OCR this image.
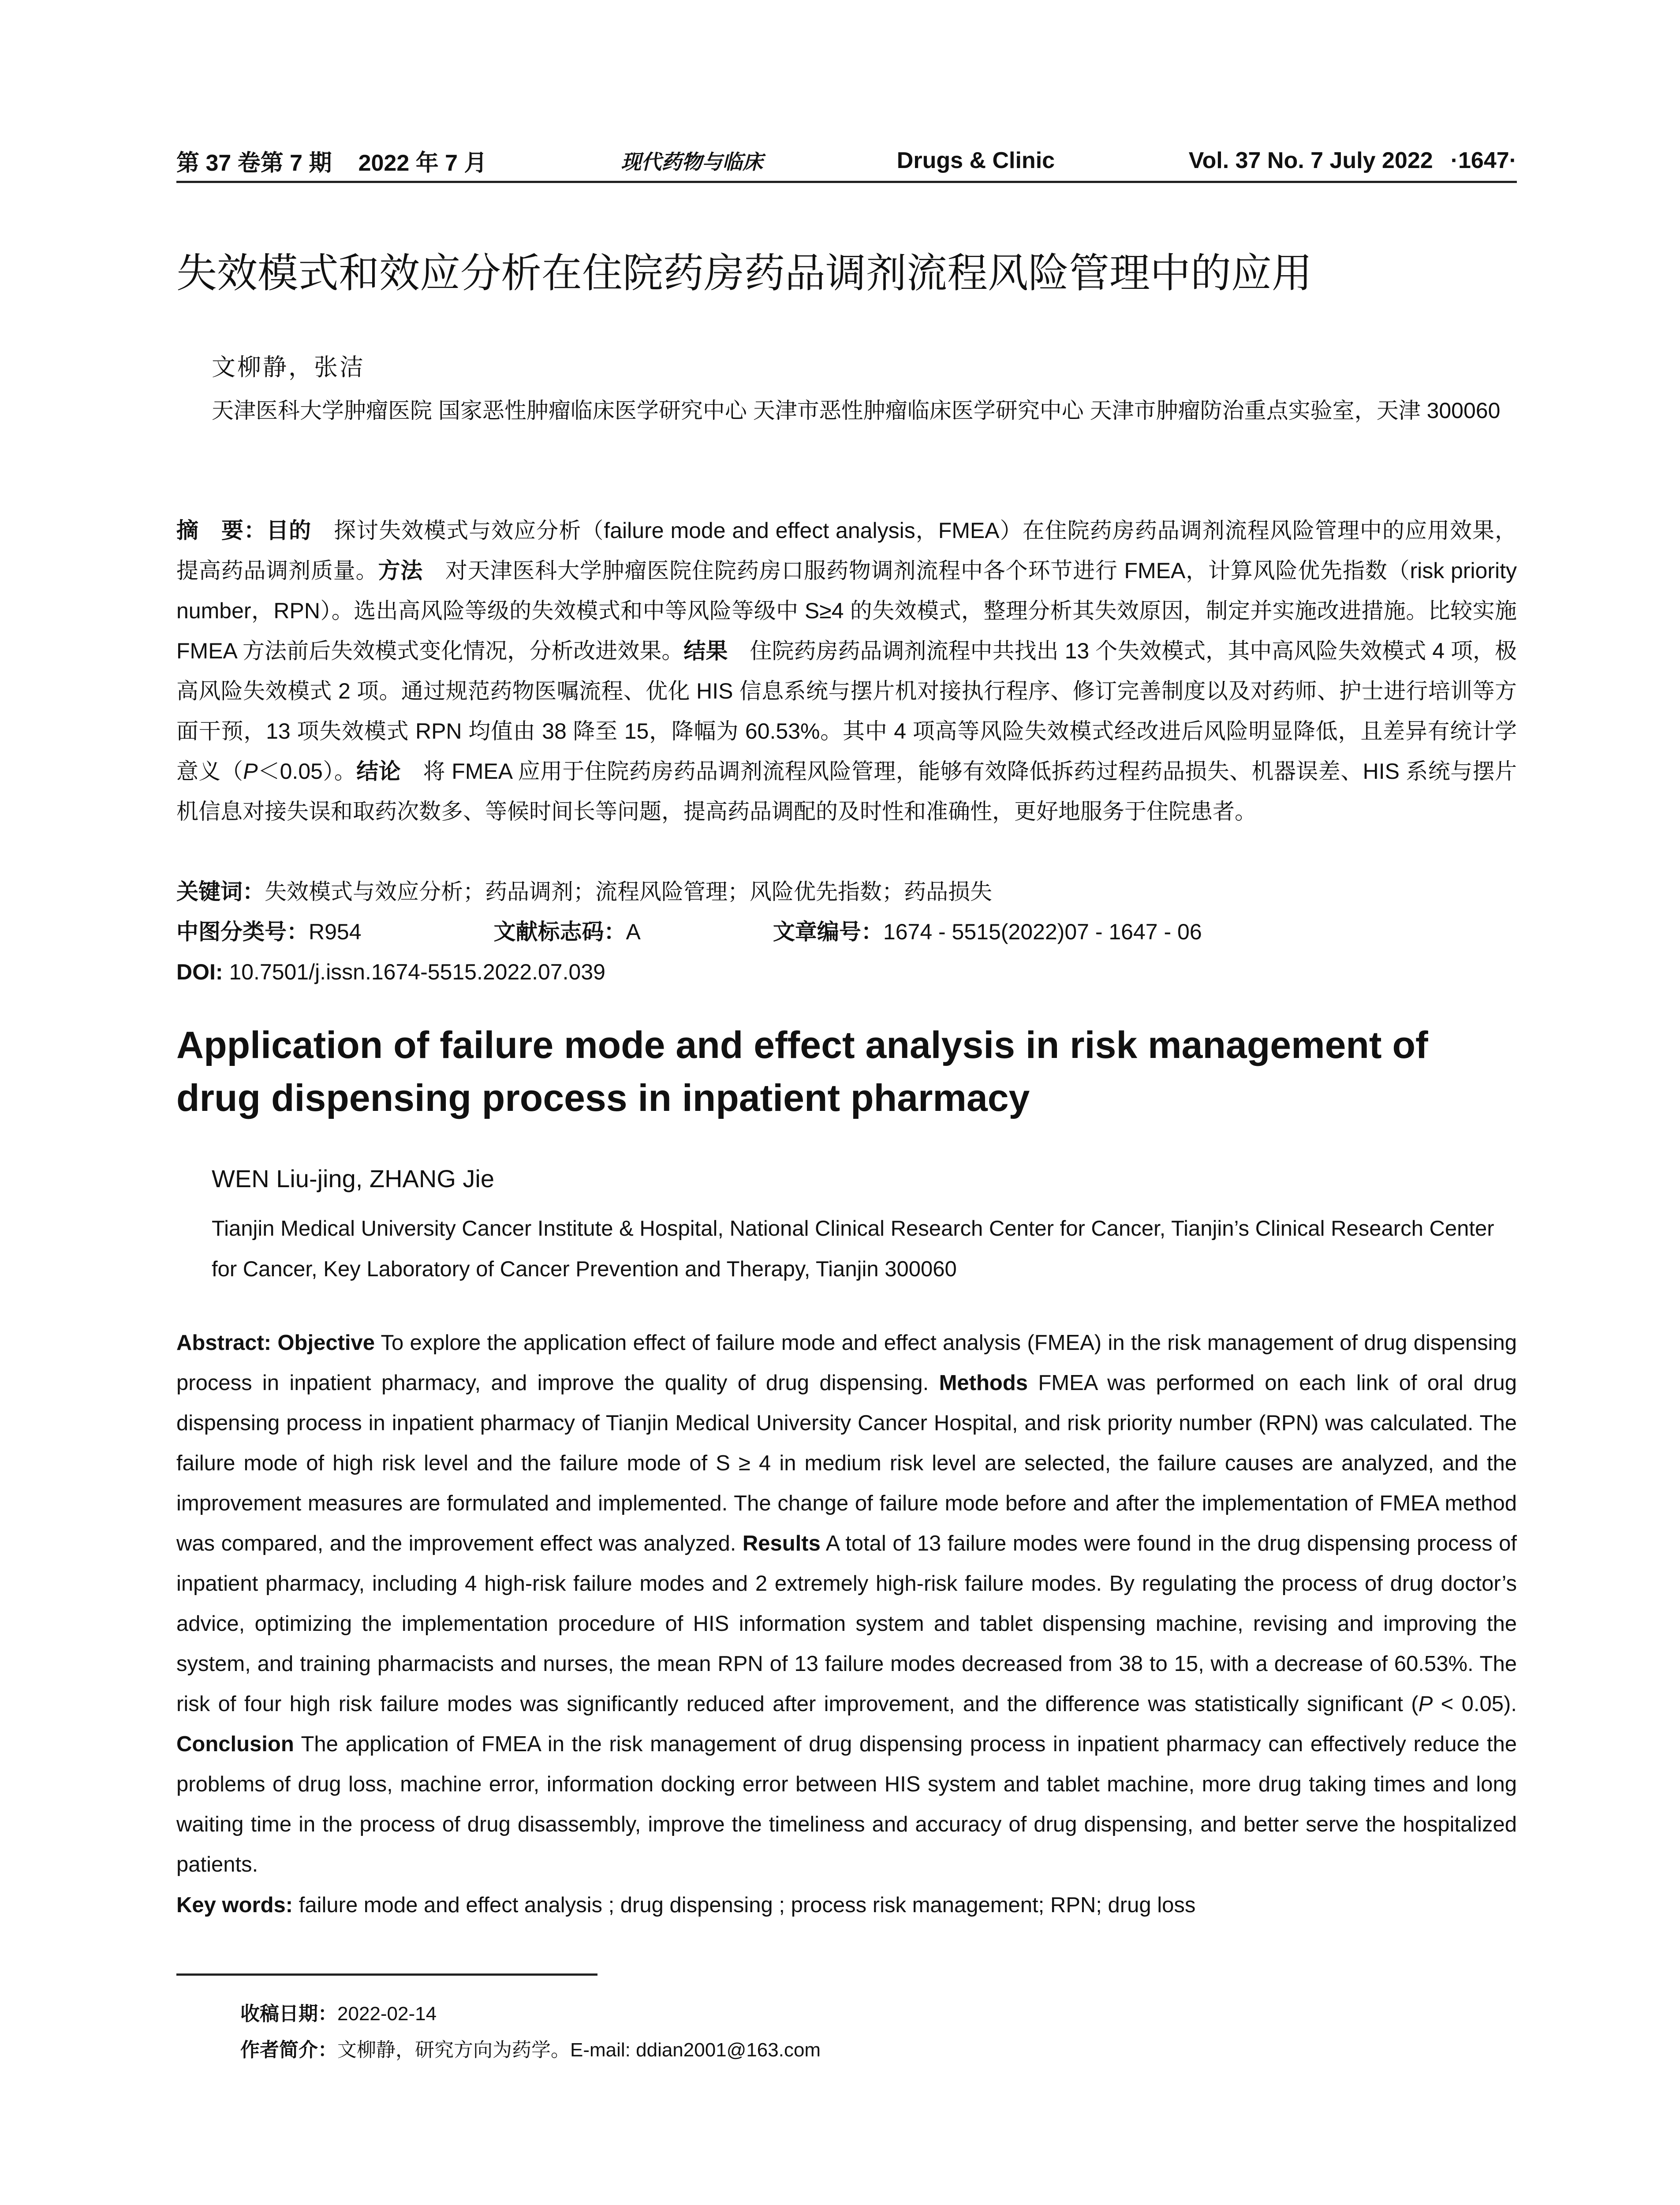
第 37 卷第 7 期 2022 年 7 月	现代药物与临床	Drugs & Clinic	Vol. 37 No. 7 July 2022 ·1647·
失效模式和效应分析在住院药房药品调剂流程风险管理中的应用
文柳静，张洁
天津医科大学肿瘤医院 国家恶性肿瘤临床医学研究中心 天津市恶性肿瘤临床医学研究中心 天津市肿瘤防治重点实验室，天津 300060
摘　要：目的　探讨失效模式与效应分析（failure mode and effect analysis，FMEA）在住院药房药品调剂流程风险管理中的应用效果，提高药品调剂质量。方法　对天津医科大学肿瘤医院住院药房口服药物调剂流程中各个环节进行 FMEA，计算风险优先指数（risk priority number，RPN）。选出高风险等级的失效模式和中等风险等级中 S≥4 的失效模式，整理分析其失效原因，制定并实施改进措施。比较实施 FMEA 方法前后失效模式变化情况，分析改进效果。结果　住院药房药品调剂流程中共找出 13 个失效模式，其中高风险失效模式 4 项，极高风险失效模式 2 项。通过规范药物医嘱流程、优化 HIS 信息系统与摆片机对接执行程序、修订完善制度以及对药师、护士进行培训等方面干预，13 项失效模式 RPN 均值由 38 降至 15，降幅为 60.53%。其中 4 项高等风险失效模式经改进后风险明显降低，且差异有统计学意义（P＜0.05）。结论　将 FMEA 应用于住院药房药品调剂流程风险管理，能够有效降低拆药过程药品损失、机器误差、HIS 系统与摆片机信息对接失误和取药次数多、等候时间长等问题，提高药品调配的及时性和准确性，更好地服务于住院患者。
关键词：失效模式与效应分析；药品调剂；流程风险管理；风险优先指数；药品损失
中图分类号：R954	文献标志码：A	文章编号：1674 - 5515(2022)07 - 1647 - 06
DOI: 10.7501/j.issn.1674-5515.2022.07.039
Application of failure mode and effect analysis in risk management of drug dispensing process in inpatient pharmacy
WEN Liu-jing, ZHANG Jie
Tianjin Medical University Cancer Institute & Hospital, National Clinical Research Center for Cancer, Tianjin’s Clinical Research Center for Cancer, Key Laboratory of Cancer Prevention and Therapy, Tianjin 300060
Abstract: Objective To explore the application effect of failure mode and effect analysis (FMEA) in the risk management of drug dispensing process in inpatient pharmacy, and improve the quality of drug dispensing. Methods FMEA was performed on each link of oral drug dispensing process in inpatient pharmacy of Tianjin Medical University Cancer Hospital, and risk priority number (RPN) was calculated. The failure mode of high risk level and the failure mode of S ≥ 4 in medium risk level are selected, the failure causes are analyzed, and the improvement measures are formulated and implemented. The change of failure mode before and after the implementation of FMEA method was compared, and the improvement effect was analyzed. Results A total of 13 failure modes were found in the drug dispensing process of inpatient pharmacy, including 4 high-risk failure modes and 2 extremely high-risk failure modes. By regulating the process of drug doctor’s advice, optimizing the implementation procedure of HIS information system and tablet dispensing machine, revising and improving the system, and training pharmacists and nurses, the mean RPN of 13 failure modes decreased from 38 to 15, with a decrease of 60.53%. The risk of four high risk failure modes was significantly reduced after improvement, and the difference was statistically significant (P < 0.05). Conclusion The application of FMEA in the risk management of drug dispensing process in inpatient pharmacy can effectively reduce the problems of drug loss, machine error, information docking error between HIS system and tablet machine, more drug taking times and long waiting time in the process of drug disassembly, improve the timeliness and accuracy of drug dispensing, and better serve the hospitalized patients.
Key words: failure mode and effect analysis ; drug dispensing ; process risk management; RPN; drug loss
收稿日期：2022-02-14
作者简介：文柳静，研究方向为药学。E-mail: ddian2001@163.com
